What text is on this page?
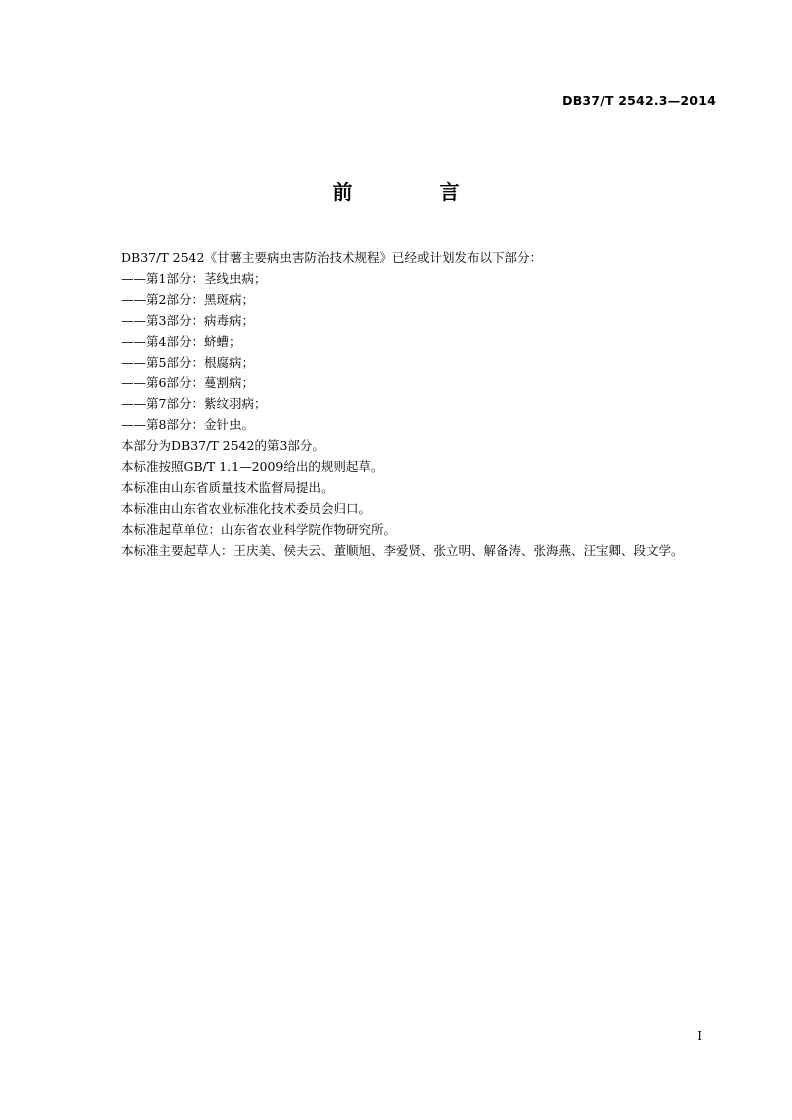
DB37/T 2542.3—2014
前 言

DB37/T 2542《甘薯主要病虫害防治技术规程》已经或计划发布以下部分：

——第1部分：茎线虫病；

——第2部分：黑斑病；

——第3部分：病毒病；

——第4部分：蛴螬；

——第5部分：根腐病；

——第6部分：蔓割病；

——第7部分：紫纹羽病；

——第8部分：金针虫。

本部分为DB37/T 2542的第3部分。

本标准按照GB/T 1.1—2009给出的规则起草。

本标准由山东省质量技术监督局提出。

本标准由山东省农业标准化技术委员会归口。

本标准起草单位：山东省农业科学院作物研究所。

本标准主要起草人：王庆美、侯夫云、董顺旭、李爱贤、张立明、解备涛、张海燕、汪宝卿、段文学。

I
